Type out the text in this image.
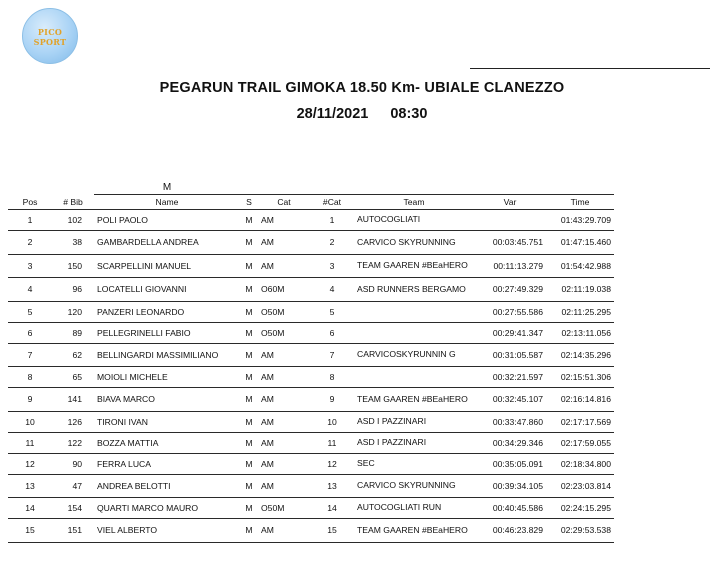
PICO
SPORT
PEGARUN TRAIL GIMOKA 18.50 Km- UBIALE CLANEZZO
28/11/2021 08:30
		M						
Pos	# Bib	Name	S	Cat	#Cat	Team	Var	Time
1	102	POLI PAOLO	M	AM	1	AUTOCOGLIATI		01:43:29.709
2	38	GAMBARDELLA ANDREA	M	AM	2	CARVICO SKYRUNNING	00:03:45.751	01:47:15.460
3	150	SCARPELLINI MANUEL	M	AM	3	TEAM GAAREN #BEaHERO	00:11:13.279	01:54:42.988
4	96	LOCATELLI GIOVANNI	M	O60M	4	ASD RUNNERS BERGAMO	00:27:49.329	02:11:19.038
5	120	PANZERI LEONARDO	M	O50M	5		00:27:55.586	02:11:25.295
6	89	PELLEGRINELLI FABIO	M	O50M	6		00:29:41.347	02:13:11.056
7	62	BELLINGARDI MASSIMILIANO	M	AM	7	CARVICOSKYRUNNIN G	00:31:05.587	02:14:35.296
8	65	MOIOLI MICHELE	M	AM	8		00:32:21.597	02:15:51.306
9	141	BIAVA MARCO	M	AM	9	TEAM GAAREN #BEaHERO	00:32:45.107	02:16:14.816
10	126	TIRONI IVAN	M	AM	10	ASD I PAZZINARI	00:33:47.860	02:17:17.569
11	122	BOZZA MATTIA	M	AM	11	ASD I PAZZINARI	00:34:29.346	02:17:59.055
12	90	FERRA LUCA	M	AM	12	SEC	00:35:05.091	02:18:34.800
13	47	ANDREA BELOTTI	M	AM	13	CARVICO SKYRUNNING	00:39:34.105	02:23:03.814
14	154	QUARTI MARCO MAURO	M	O50M	14	AUTOCOGLIATI RUN	00:40:45.586	02:24:15.295
15	151	VIEL ALBERTO	M	AM	15	TEAM GAAREN #BEaHERO	00:46:23.829	02:29:53.538
